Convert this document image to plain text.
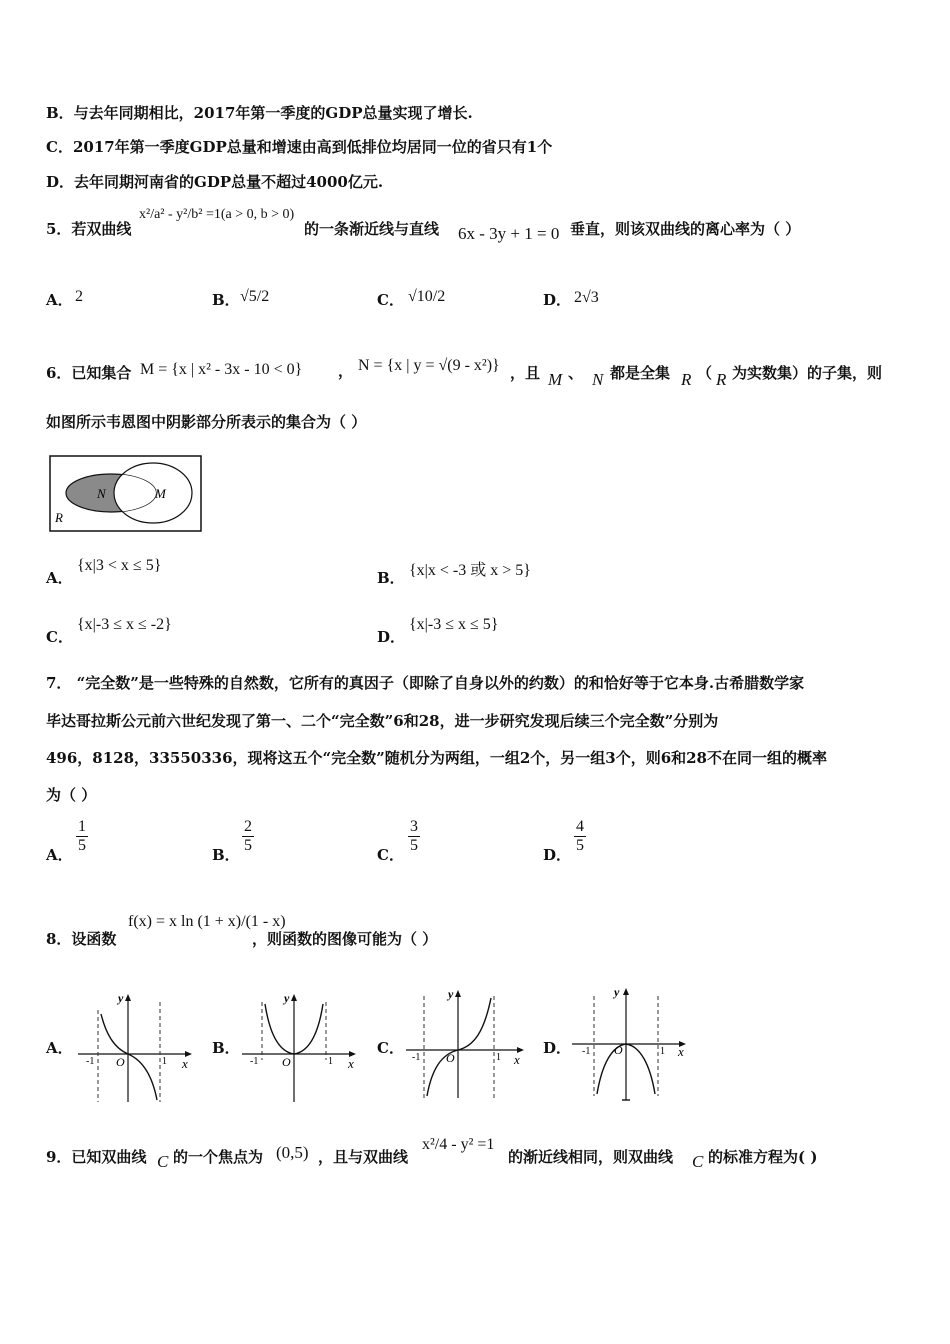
B．与去年同期相比，2017年第一季度的GDP总量实现了增长.
C．2017年第一季度GDP总量和增速由高到低排位均居同一位的省只有1个
D．去年同期河南省的GDP总量不超过4000亿元.
5．若双曲线
x²/a² - y²/b² =1(a > 0, b > 0)
的一条渐近线与直线 6x - 3y + 1 = 0 垂直，则该双曲线的离心率为（ ）
A． 2	B． √5/2	C． √10/2	D． 2√3
6．已知集合 M = {x | x² - 3x - 10 < 0} ， N = {x | y = √(9 - x²)} ，且 M 、 N 都是全集 R （ R 为实数集）的子集，则
如图所示韦恩图中阴影部分所表示的集合为（ ）
N	M
R
A．
{x|3 < x ≤ 5}
B． {x|x < -3 或 x > 5}
C．
{x|-3 ≤ x ≤ -2}
D．
{x|-3 ≤ x ≤ 5}
7． “完全数”是一些特殊的自然数，它所有的真因子（即除了自身以外的约数）的和恰好等于它本身.古希腊数学家
毕达哥拉斯公元前六世纪发现了第一、二个“完全数”6和28，进一步研究发现后续三个完全数”分别为
496，8128，33550336，现将这五个“完全数”随机分为两组，一组2个，另一组3个，则6和28不在同一组的概率
为（ ）
A． $\frac{1}{5}$	B． $\frac{2}{5}$	C． $\frac{3}{5}$	D． $\frac{4}{5}$
8．设函数
f(x) = x ln (1 + x)/(1 - x)
，则函数的图像可能为（ ）
A．	B．	C．	D．
y
x
O
-1	1
y
x
O
-1	1
y
x
O
-1	1
y
x
O
-1	1
9．已知双曲线 C 的一个焦点为 (0,5) ，且与双曲线
x²/4 - y² =1
的渐近线相同，则双曲线 C 的标准方程为( )
